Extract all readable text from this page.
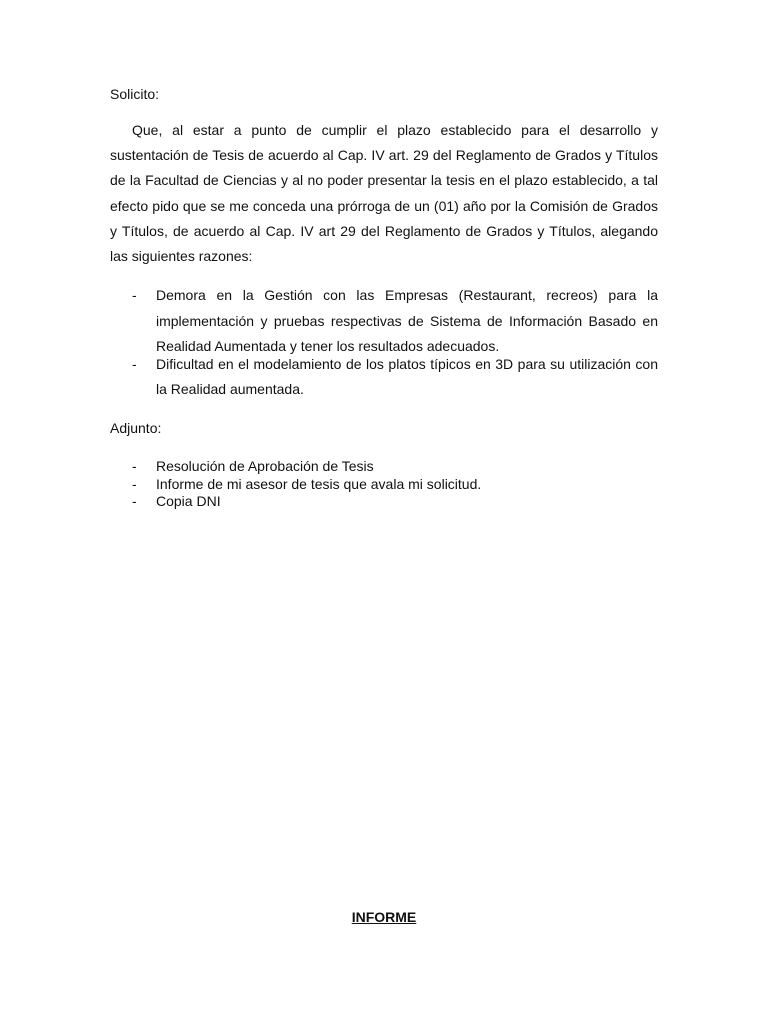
Solicito:

Que, al estar a punto de cumplir el plazo establecido para el desarrollo y sustentación de Tesis de acuerdo al Cap. IV art. 29 del Reglamento de Grados y Títulos de la Facultad de Ciencias y al no poder presentar la tesis en el plazo establecido, a tal efecto pido que se me conceda una prórroga de un (01) año por la Comisión de Grados y Títulos, de acuerdo al Cap. IV art 29 del Reglamento de Grados y Títulos, alegando las siguientes razones:

- Demora en la Gestión con las Empresas (Restaurant, recreos) para la implementación y pruebas respectivas de Sistema de Información Basado en Realidad Aumentada y tener los resultados adecuados.
- Dificultad en el modelamiento de los platos típicos en 3D para su utilización con la Realidad aumentada.

Adjunto:

- Resolución de Aprobación de Tesis
- Informe de mi asesor de tesis que avala mi solicitud.
- Copia DNI
INFORME
